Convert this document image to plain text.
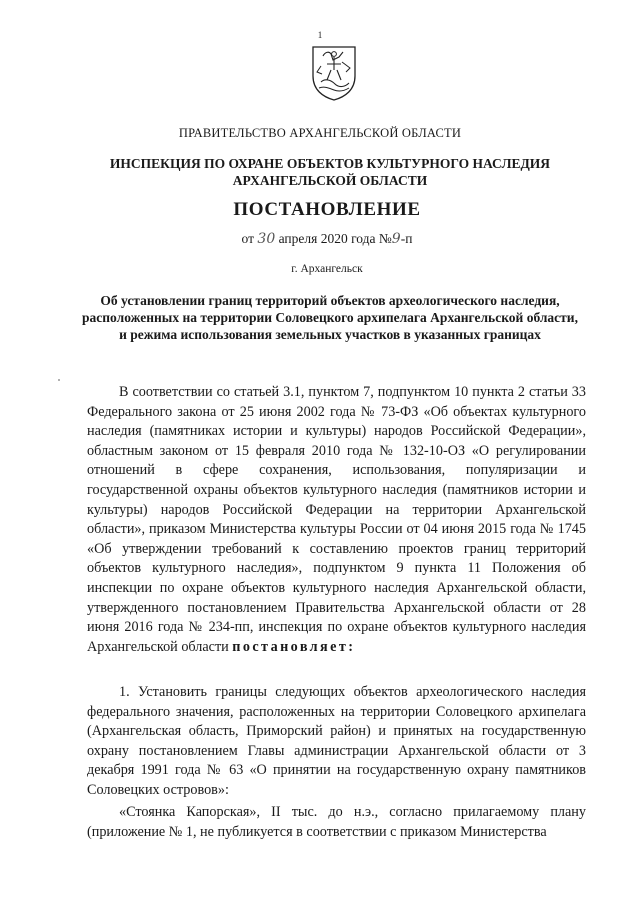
1
ПРАВИТЕЛЬСТВО АРХАНГЕЛЬСКОЙ ОБЛАСТИ
ИНСПЕКЦИЯ ПО ОХРАНЕ ОБЪЕКТОВ КУЛЬТУРНОГО НАСЛЕДИЯ АРХАНГЕЛЬСКОЙ ОБЛАСТИ
ПОСТАНОВЛЕНИЕ
от 30 апреля 2020 года №9-п
г. Архангельск
Об установлении границ территорий объектов археологического наследия, расположенных на территории Соловецкого архипелага Архангельской области, и режима использования земельных участков в указанных границах

В соответствии со статьей 3.1, пунктом 7, подпунктом 10 пункта 2 статьи 33 Федерального закона от 25 июня 2002 года № 73-ФЗ «Об объектах культурного наследия (памятниках истории и культуры) народов Российской Федерации», областным законом от 15 февраля 2010 года № 132-10-ОЗ «О регулировании отношений в сфере сохранения, использования, популяризации и государственной охраны объектов культурного наследия (памятников истории и культуры) народов Российской Федерации на территории Архангельской области», приказом Министерства культуры России от 04 июня 2015 года № 1745 «Об утверждении требований к составлению проектов границ территорий объектов культурного наследия», подпунктом 9 пункта 11 Положения об инспекции по охране объектов культурного наследия Архангельской области, утвержденного постановлением Правительства Архангельской области от 28 июня 2016 года № 234-пп, инспекция по охране объектов культурного наследия Архангельской области постановляет:

1. Установить границы следующих объектов археологического наследия федерального значения, расположенных на территории Соловецкого архипелага (Архангельская область, Приморский район) и принятых на государственную охрану постановлением Главы администрации Архангельской области от 3 декабря 1991 года № 63 «О принятии на государственную охрану памятников Соловецких островов»:

«Стоянка Капорская», II тыс. до н.э., согласно прилагаемому плану (приложение № 1, не публикуется в соответствии с приказом Министерства
